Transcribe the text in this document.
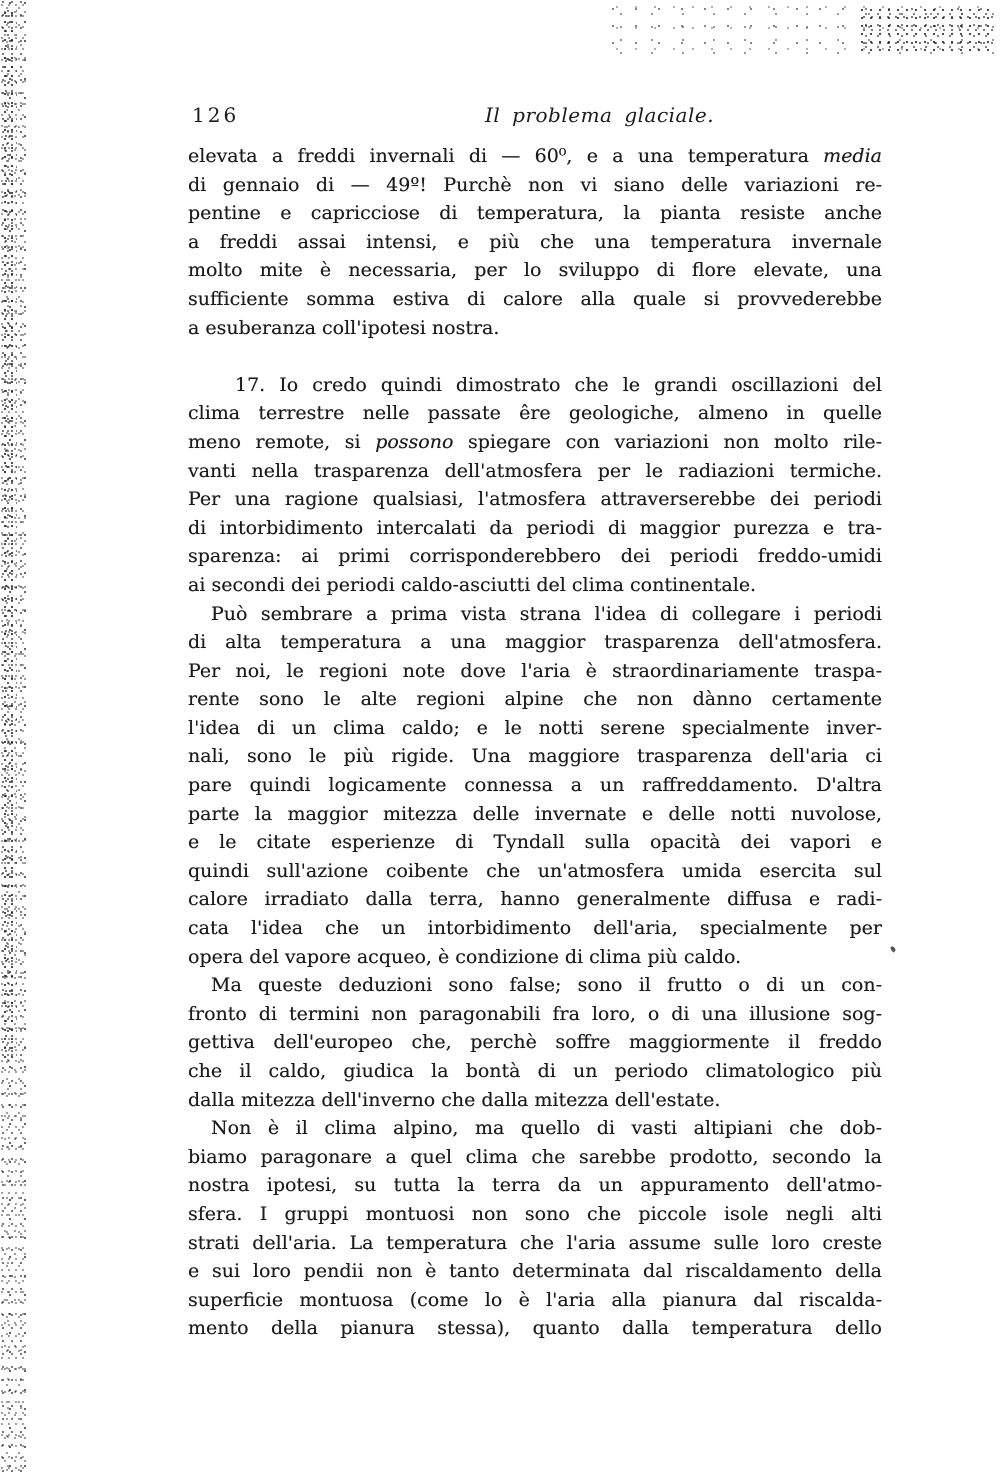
126	Il problema glaciale.
elevata a freddi invernali di — 60⁰, e a una temperatura media
di gennaio di — 49º! Purchè non vi siano delle variazioni re-
pentine e capricciose di temperatura, la pianta resiste anche
a freddi assai intensi, e più che una temperatura invernale
molto mite è necessaria, per lo sviluppo di flore elevate, una
sufficiente somma estiva di calore alla quale si provvederebbe
a esuberanza coll'ipotesi nostra.
17. Io credo quindi dimostrato che le grandi oscillazioni del
clima terrestre nelle passate êre geologiche, almeno in quelle
meno remote, si possono spiegare con variazioni non molto rile-
vanti nella trasparenza dell'atmosfera per le radiazioni termiche.
Per una ragione qualsiasi, l'atmosfera attraverserebbe dei periodi
di intorbidimento intercalati da periodi di maggior purezza e tra-
sparenza: ai primi corrisponderebbero dei periodi freddo-umidi
ai secondi dei periodi caldo-asciutti del clima continentale.
Può sembrare a prima vista strana l'idea di collegare i periodi
di alta temperatura a una maggior trasparenza dell'atmosfera.
Per noi, le regioni note dove l'aria è straordinariamente traspa-
rente sono le alte regioni alpine che non dànno certamente
l'idea di un clima caldo; e le notti serene specialmente inver-
nali, sono le più rigide. Una maggiore trasparenza dell'aria ci
pare quindi logicamente connessa a un raffreddamento. D'altra
parte la maggior mitezza delle invernate e delle notti nuvolose,
e le citate esperienze di Tyndall sulla opacità dei vapori e
quindi sull'azione coibente che un'atmosfera umida esercita sul
calore irradiato dalla terra, hanno generalmente diffusa e radi-
cata l'idea che un intorbidimento dell'aria, specialmente per
opera del vapore acqueo, è condizione di clima più caldo.
Ma queste deduzioni sono false; sono il frutto o di un con-
fronto di termini non paragonabili fra loro, o di una illusione sog-
gettiva dell'europeo che, perchè soffre maggiormente il freddo
che il caldo, giudica la bontà di un periodo climatologico più
dalla mitezza dell'inverno che dalla mitezza dell'estate.
Non è il clima alpino, ma quello di vasti altipiani che dob-
biamo paragonare a quel clima che sarebbe prodotto, secondo la
nostra ipotesi, su tutta la terra da un appuramento dell'atmo-
sfera. I gruppi montuosi non sono che piccole isole negli alti
strati dell'aria. La temperatura che l'aria assume sulle loro creste
e sui loro pendii non è tanto determinata dal riscaldamento della
superficie montuosa (come lo è l'aria alla pianura dal riscalda-
mento della pianura stessa), quanto dalla temperatura dello
